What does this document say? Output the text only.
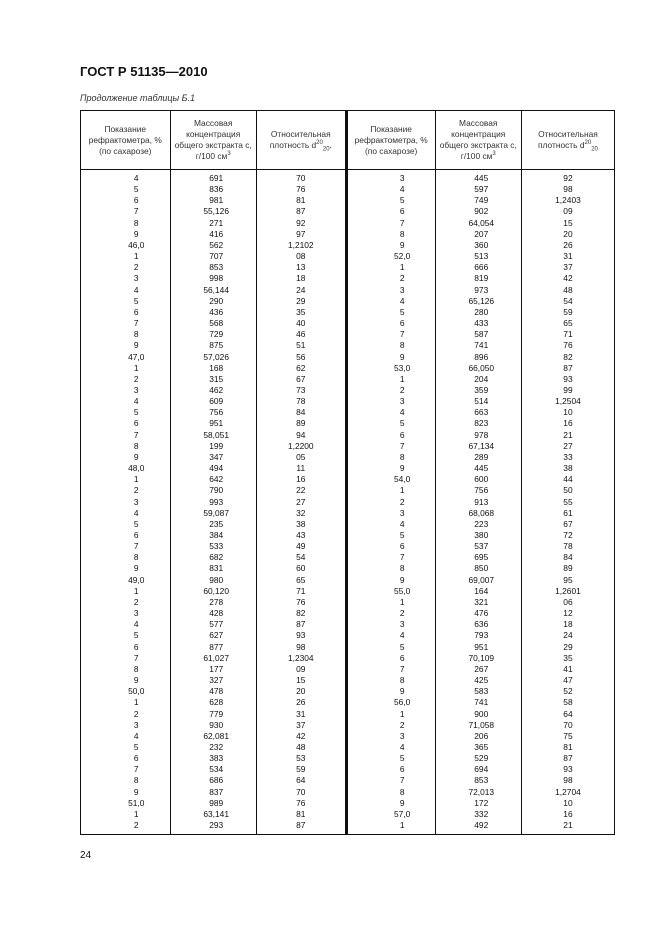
ГОСТ Р 51135—2010
Продолжение таблицы Б.1
Показание рефрактометра, % (по сахарозе)	Массовая концентрация общего экстракта c, г/100 $см^3$	Относительная плотность $d^{20}_{20}$.	Показание рефрактометра, % (по сахарозе)	Массовая концентрация общего экстракта c, г/100 $см^3$	Относительная плотность $d^{20}_{20}$
4	691	70	3	445	92
5	836	76	4	597	98
6	981	81	5	749	1,2403
7	55,126	87	6	902	09
8	271	92	7	64,054	15
9	416	97	8	207	20
46,0	562	1,2102	9	360	26
1	707	08	52,0	513	31
2	853	13	1	666	37
3	998	18	2	819	42
4	56,144	24	3	973	48
5	290	29	4	65,126	54
6	436	35	5	280	59
7	568	40	6	433	65
8	729	46	7	587	71
9	875	51	8	741	76
47,0	57,026	56	9	896	82
1	168	62	53,0	66,050	87
2	315	67	1	204	93
3	462	73	2	359	99
4	609	78	3	514	1,2504
5	756	84	4	663	10
6	951	89	5	823	16
7	58,051	94	6	978	21
8	199	1,2200	7	67,134	27
9	347	05	8	289	33
48,0	494	11	9	445	38
1	642	16	54,0	600	44
2	790	22	1	756	50
3	993	27	2	913	55
4	59,087	32	3	68,068	61
5	235	38	4	223	67
6	384	43	5	380	72
7	533	49	6	537	78
8	682	54	7	695	84
9	831	60	8	850	89
49,0	980	65	9	69,007	95
1	60,120	71	55,0	164	1,2601
2	278	76	1	321	06
3	428	82	2	476	12
4	577	87	3	636	18
5	627	93	4	793	24
6	877	98	5	951	29
7	61,027	1,2304	6	70,109	35
8	177	09	7	267	41
9	327	15	8	425	47
50,0	478	20	9	583	52
1	628	26	56,0	741	58
2	779	31	1	900	64
3	930	37	2	71,058	70
4	62,081	42	3	206	75
5	232	48	4	365	81
6	383	53	5	529	87
7	534	59	6	694	93
8	686	64	7	853	98
9	837	70	8	72,013	1,2704
51,0	989	76	9	172	10
1	63,141	81	57,0	332	16
2	293	87	1	492	21
24
